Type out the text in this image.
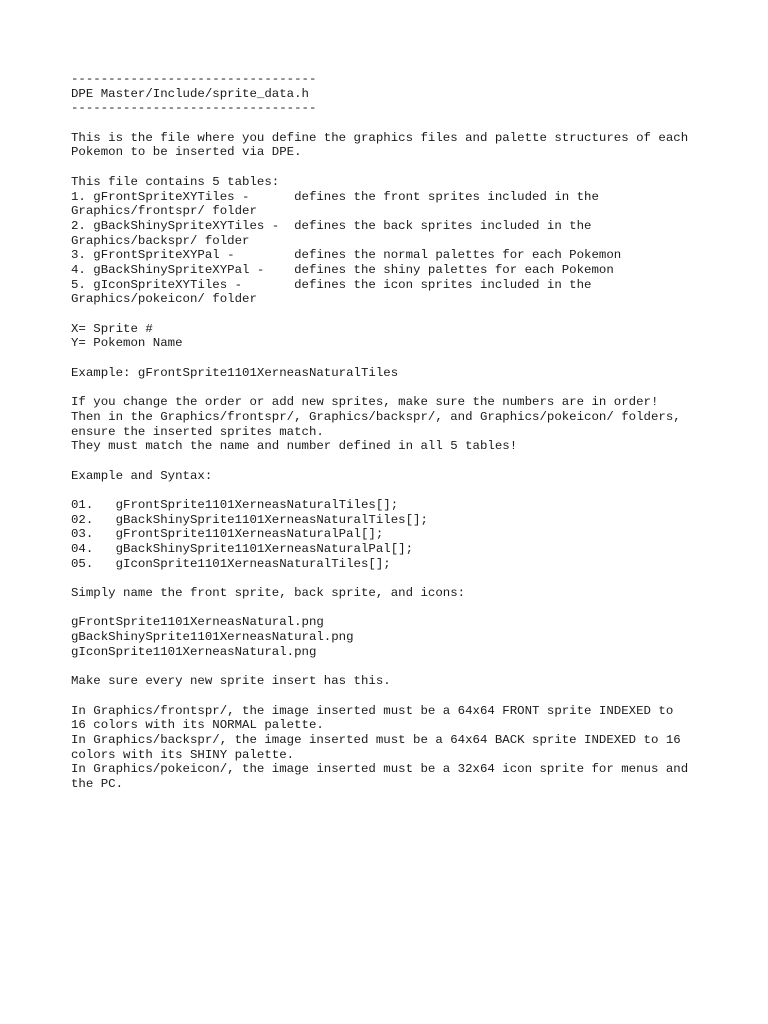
---------------------------------
DPE Master/Include/sprite_data.h
---------------------------------
This is the file where you define the graphics files and palette structures of each
Pokemon to be inserted via DPE.
This file contains 5 tables:
1. gFrontSpriteXYTiles -      defines the front sprites included in the
Graphics/frontspr/ folder
2. gBackShinySpriteXYTiles -  defines the back sprites included in the
Graphics/backspr/ folder
3. gFrontSpriteXYPal -        defines the normal palettes for each Pokemon
4. gBackShinySpriteXYPal -    defines the shiny palettes for each Pokemon
5. gIconSpriteXYTiles -       defines the icon sprites included in the
Graphics/pokeicon/ folder
X= Sprite #
Y= Pokemon Name
Example: gFrontSprite1101XerneasNaturalTiles
If you change the order or add new sprites, make sure the numbers are in order!
Then in the Graphics/frontspr/, Graphics/backspr/, and Graphics/pokeicon/ folders,
ensure the inserted sprites match.
They must match the name and number defined in all 5 tables!
Example and Syntax:
01.   gFrontSprite1101XerneasNaturalTiles[];
02.   gBackShinySprite1101XerneasNaturalTiles[];
03.   gFrontSprite1101XerneasNaturalPal[];
04.   gBackShinySprite1101XerneasNaturalPal[];
05.   gIconSprite1101XerneasNaturalTiles[];
Simply name the front sprite, back sprite, and icons:
gFrontSprite1101XerneasNatural.png
gBackShinySprite1101XerneasNatural.png
gIconSprite1101XerneasNatural.png
Make sure every new sprite insert has this.
In Graphics/frontspr/, the image inserted must be a 64x64 FRONT sprite INDEXED to
16 colors with its NORMAL palette.
In Graphics/backspr/, the image inserted must be a 64x64 BACK sprite INDEXED to 16
colors with its SHINY palette.
In Graphics/pokeicon/, the image inserted must be a 32x64 icon sprite for menus and
the PC.
